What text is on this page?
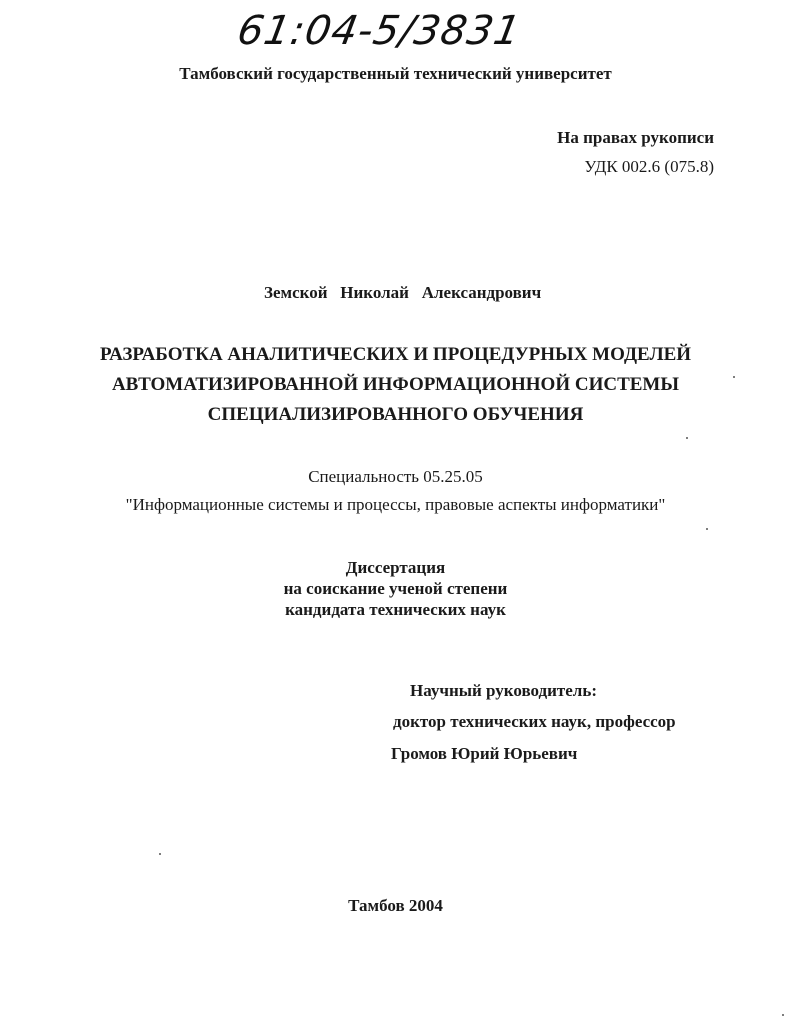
61:04-5/3831
Тамбовский государственный технический университет
На правах рукописи
УДК 002.6 (075.8)
Земской   Николай   Александрович
РАЗРАБОТКА АНАЛИТИЧЕСКИХ И ПРОЦЕДУРНЫХ МОДЕЛЕЙ
АВТОМАТИЗИРОВАННОЙ ИНФОРМАЦИОННОЙ СИСТЕМЫ
СПЕЦИАЛИЗИРОВАННОГО ОБУЧЕНИЯ
Специальность 05.25.05
"Информационные системы и процессы, правовые аспекты информатики"
Диссертация
на соискание ученой степени
кандидата технических наук
Научный руководитель:
доктор технических наук, профессор
Громов Юрий Юрьевич
Тамбов 2004
